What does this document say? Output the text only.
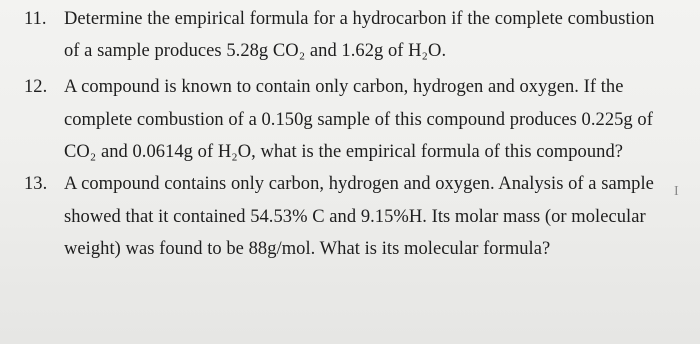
11. Determine the empirical formula for a hydrocarbon if the complete combustion
of a sample produces 5.28g CO₂ and 1.62g of H₂O.
12. A compound is known to contain only carbon, hydrogen and oxygen. If the
complete combustion of a 0.150g sample of this compound produces 0.225g of
CO₂ and 0.0614g of H₂O, what is the empirical formula of this compound?
13. A compound contains only carbon, hydrogen and oxygen. Analysis of a sample
showed that it contained 54.53% C and 9.15%H. Its molar mass (or molecular
weight) was found to be 88g/mol. What is its molecular formula?
I
